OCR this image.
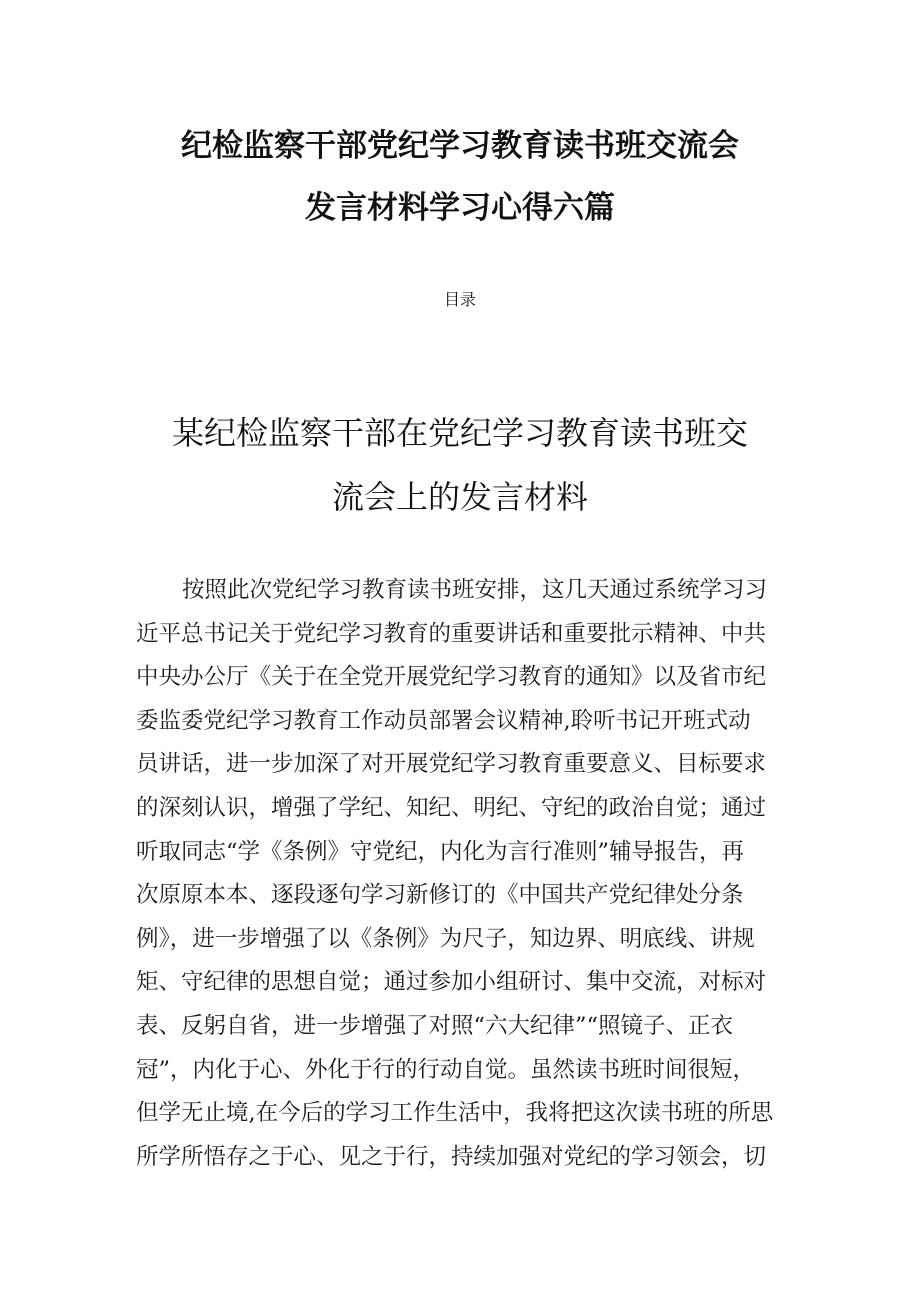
纪检监察干部党纪学习教育读书班交流会
发言材料学习心得六篇
目录
某纪检监察干部在党纪学习教育读书班交
流会上的发言材料
按照此次党纪学习教育读书班安排，这几天通过系统学习习
近平总书记关于党纪学习教育的重要讲话和重要批示精神、中共
中央办公厅《关于在全党开展党纪学习教育的通知》以及省市纪
委监委党纪学习教育工作动员部署会议精神,聆听书记开班式动
员讲话，进一步加深了对开展党纪学习教育重要意义、目标要求
的深刻认识，增强了学纪、知纪、明纪、守纪的政治自觉；通过
听取同志“学《条例》守党纪，内化为言行准则”辅导报告，再
次原原本本、逐段逐句学习新修订的《中国共产党纪律处分条
例》，进一步增强了以《条例》为尺子，知边界、明底线、讲规
矩、守纪律的思想自觉；通过参加小组研讨、集中交流，对标对
表、反躬自省，进一步增强了对照“六大纪律”“照镜子、正衣
冠”，内化于心、外化于行的行动自觉。虽然读书班时间很短，
但学无止境,在今后的学习工作生活中，我将把这次读书班的所思
所学所悟存之于心、见之于行，持续加强对党纪的学习领会，切
